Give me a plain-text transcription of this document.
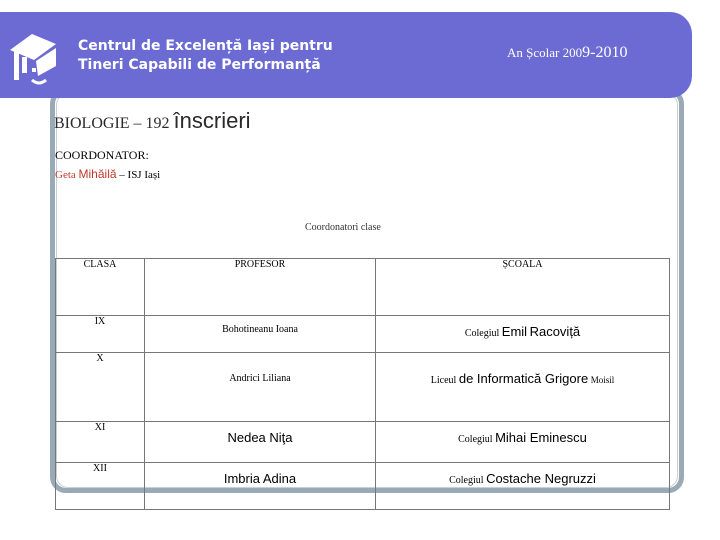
Centrul de Excelență Iași pentru
Tineri Capabili de Performanță
An Școlar 2009-2010
BIOLOGIE – 192 înscrieri
COORDONATOR:
Geta Mihăilă – ISJ Iași
Coordonatori clase
CLASA	PROFESOR	ȘCOALA
IX	Bohotineanu Ioana	Colegiul Emil Racoviță
X	Andrici Liliana	Liceul de Informatică Grigore Moisil
XI	Nedea Niţa	Colegiul Mihai Eminescu
XII	Imbria Adina	Colegiul Costache Negruzzi
